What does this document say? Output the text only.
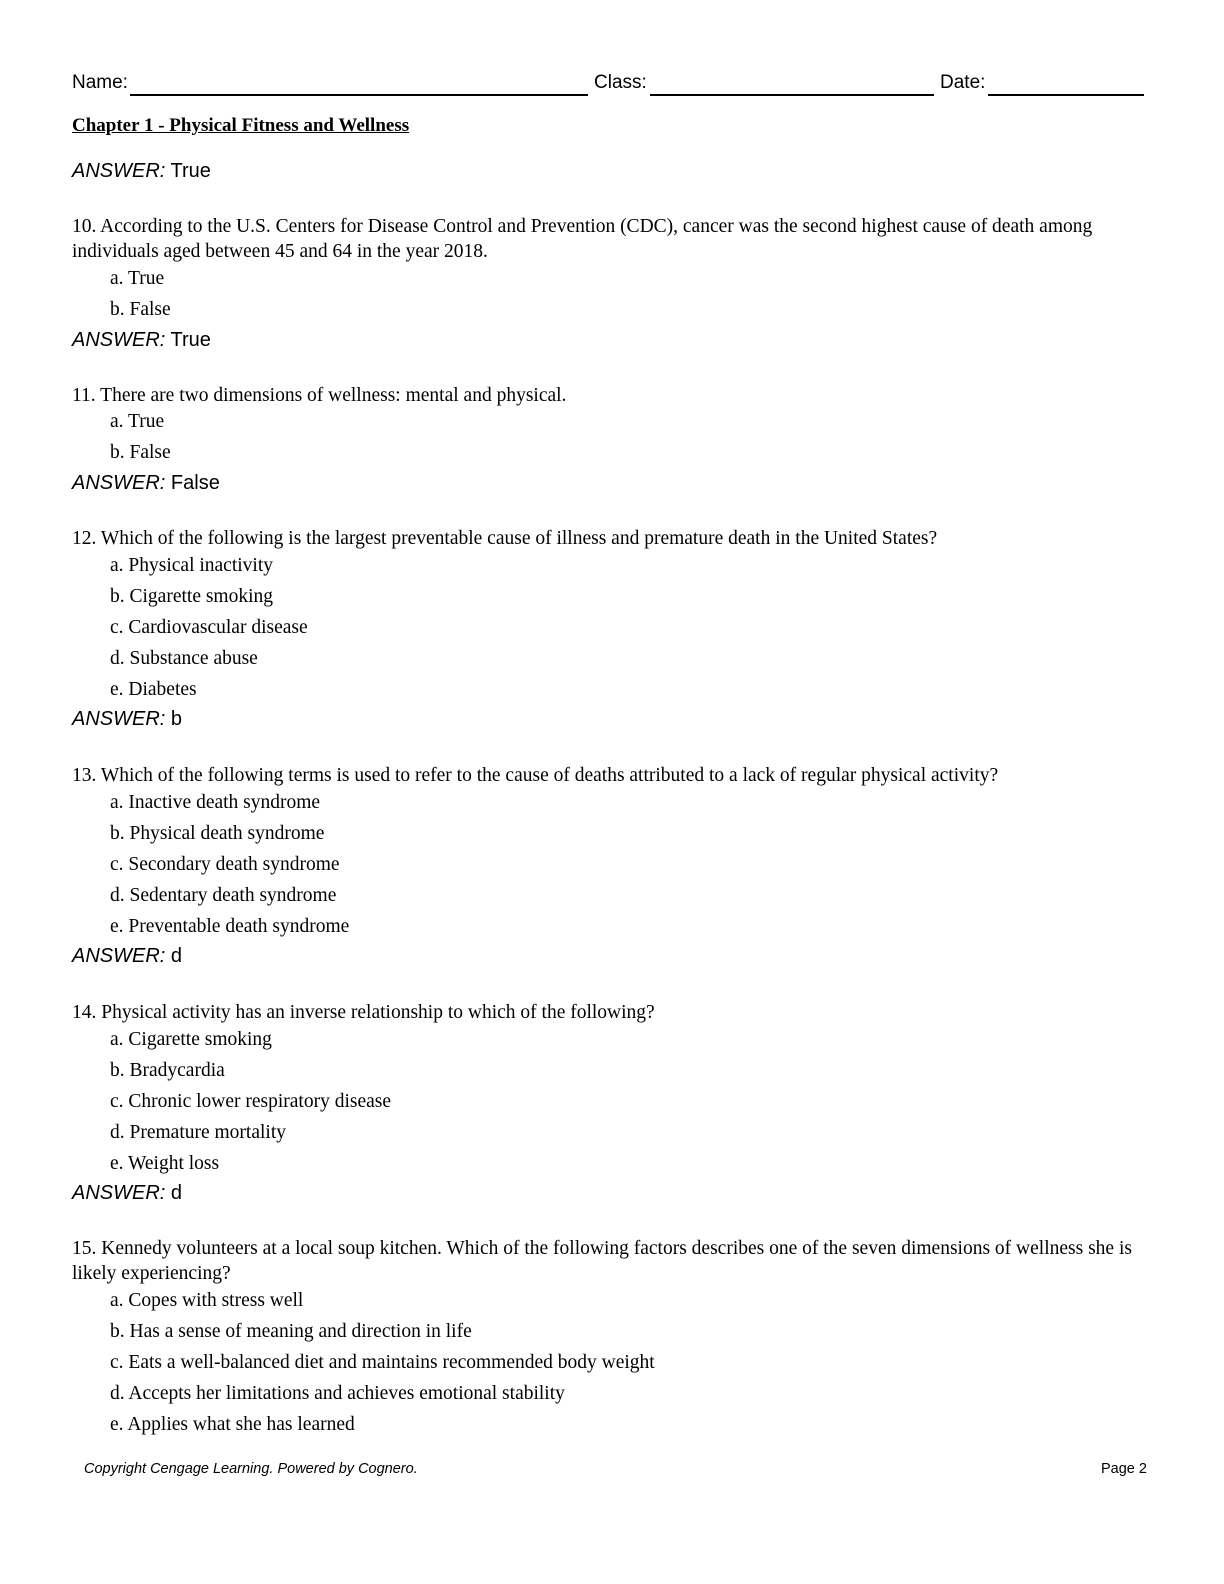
Name:	Class:	Date:
Chapter 1 - Physical Fitness and Wellness
ANSWER: True
10. According to the U.S. Centers for Disease Control and Prevention (CDC), cancer was the second highest cause of death among individuals aged between 45 and 64 in the year 2018.
a. True
b. False
ANSWER: True
11. There are two dimensions of wellness: mental and physical.
a. True
b. False
ANSWER: False
12. Which of the following is the largest preventable cause of illness and premature death in the United States?
a. Physical inactivity
b. Cigarette smoking
c. Cardiovascular disease
d. Substance abuse
e. Diabetes
ANSWER: b
13. Which of the following terms is used to refer to the cause of deaths attributed to a lack of regular physical activity?
a. Inactive death syndrome
b. Physical death syndrome
c. Secondary death syndrome
d. Sedentary death syndrome
e. Preventable death syndrome
ANSWER: d
14. Physical activity has an inverse relationship to which of the following?
a. Cigarette smoking
b. Bradycardia
c. Chronic lower respiratory disease
d. Premature mortality
e. Weight loss
ANSWER: d
15. Kennedy volunteers at a local soup kitchen. Which of the following factors describes one of the seven dimensions of wellness she is likely experiencing?
a. Copes with stress well
b. Has a sense of meaning and direction in life
c. Eats a well-balanced diet and maintains recommended body weight
d. Accepts her limitations and achieves emotional stability
e. Applies what she has learned
Copyright Cengage Learning. Powered by Cognero.	Page 2
